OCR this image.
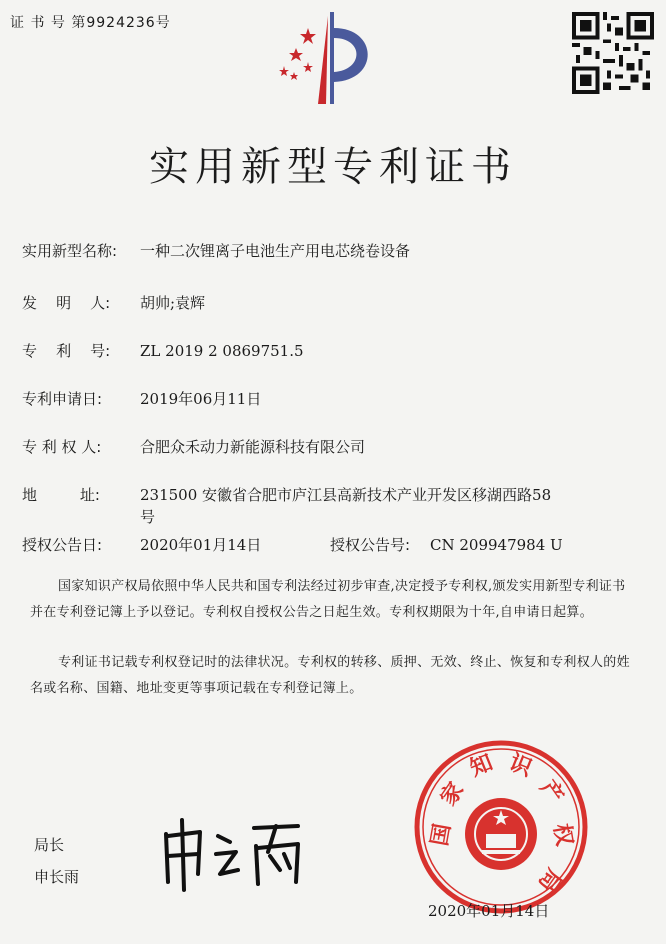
证 书 号 第9924236号
实用新型专利证书
实用新型名称:	一种二次锂离子电池生产用电芯绕卷设备
发    明    人:	胡帅;袁辉
专    利    号:	ZL 2019 2 0869751.5
专利申请日:	2019年06月11日
专 利 权 人:	合肥众禾动力新能源科技有限公司
地         址:	231500 安徽省合肥市庐江县高新技术产业开发区移湖西路58号
授权公告日:	2020年01月14日	授权公告号:	CN 209947984 U
国家知识产权局依照中华人民共和国专利法经过初步审查,决定授予专利权,颁发实用新型专利证书并在专利登记簿上予以登记。专利权自授权公告之日起生效。专利权期限为十年,自申请日起算。
专利证书记载专利权登记时的法律状况。专利权的转移、质押、无效、终止、恢复和专利权人的姓名或名称、国籍、地址变更等事项记载在专利登记簿上。
局长
申长雨
国
家
知 识
产
权
局
2020年01月14日
